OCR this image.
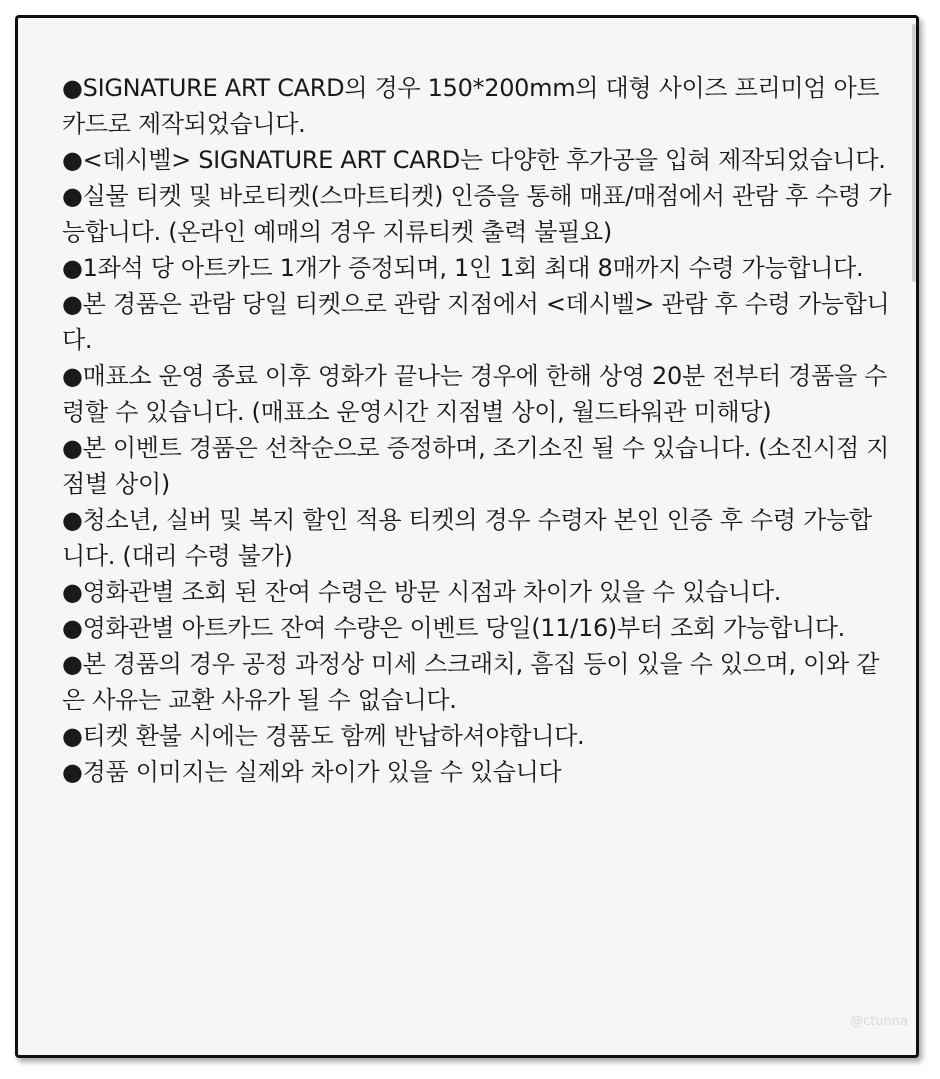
●SIGNATURE ART CARD의 경우 150*200mm의 대형 사이즈 프리미엄 아트카드로 제작되었습니다.
●<데시벨> SIGNATURE ART CARD는 다양한 후가공을 입혀 제작되었습니다.
●실물 티켓 및 바로티켓(스마트티켓) 인증을 통해 매표/매점에서 관람 후 수령 가능합니다. (온라인 예매의 경우 지류티켓 출력 불필요)
●1좌석 당 아트카드 1개가 증정되며, 1인 1회 최대 8매까지 수령 가능합니다.
●본 경품은 관람 당일 티켓으로 관람 지점에서 <데시벨> 관람 후 수령 가능합니다.
●매표소 운영 종료 이후 영화가 끝나는 경우에 한해 상영 20분 전부터 경품을 수령할 수 있습니다. (매표소 운영시간 지점별 상이, 월드타워관 미해당)
●본 이벤트 경품은 선착순으로 증정하며, 조기소진 될 수 있습니다. (소진시점 지점별 상이)
●청소년, 실버 및 복지 할인 적용 티켓의 경우 수령자 본인 인증 후 수령 가능합니다. (대리 수령 불가)
●영화관별 조회 된 잔여 수령은 방문 시점과 차이가 있을 수 있습니다.
●영화관별 아트카드 잔여 수량은 이벤트 당일(11/16)부터 조회 가능합니다.
●본 경품의 경우 공정 과정상 미세 스크래치, 흠집 등이 있을 수 있으며, 이와 같은 사유는 교환 사유가 될 수 없습니다.
●티켓 환불 시에는 경품도 함께 반납하셔야합니다.
●경품 이미지는 실제와 차이가 있을 수 있습니다
@ctunna
